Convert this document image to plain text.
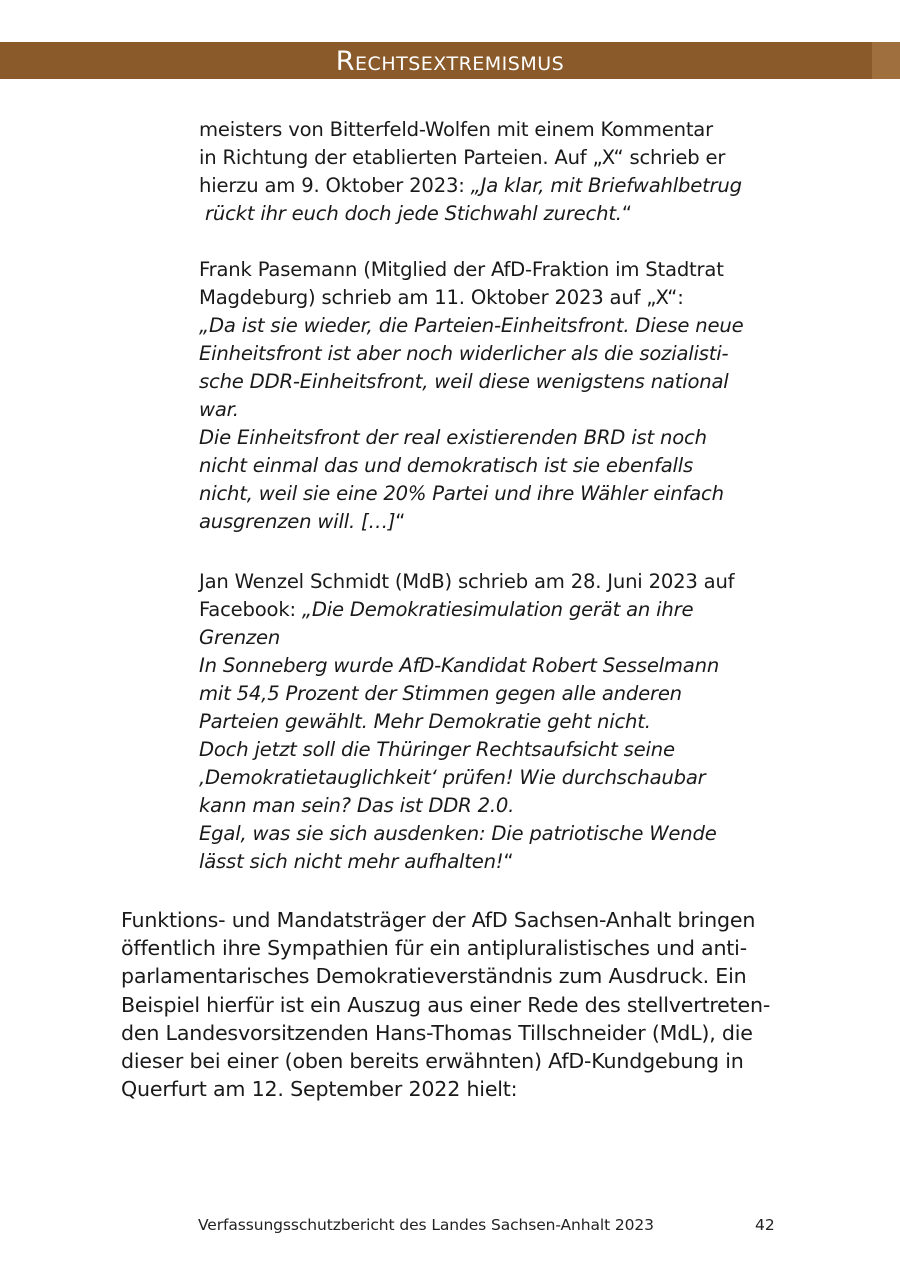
Rechtsextremismus

meisters von Bitterfeld-Wolfen mit einem Kommentar

in Richtung der etablierten Parteien. Auf „X“ schrieb er

hierzu am 9. Oktober 2023: „Ja klar, mit Briefwahlbetrug

rückt ihr euch doch jede Stichwahl zurecht.“

Frank Pasemann (Mitglied der AfD-Fraktion im Stadtrat

Magdeburg) schrieb am 11. Oktober 2023 auf „X“:

„Da ist sie wieder, die Parteien-Einheitsfront. Diese neue

Einheitsfront ist aber noch widerlicher als die sozialisti-

sche DDR-Einheitsfront, weil diese wenigstens national

war.

Die Einheitsfront der real existierenden BRD ist noch

nicht einmal das und demokratisch ist sie ebenfalls

nicht, weil sie eine 20% Partei und ihre Wähler einfach

ausgrenzen will. […]“

Jan Wenzel Schmidt (MdB) schrieb am 28. Juni 2023 auf

Facebook: „Die Demokratiesimulation gerät an ihre

Grenzen

In Sonneberg wurde AfD-Kandidat Robert Sesselmann

mit 54,5 Prozent der Stimmen gegen alle anderen

Parteien gewählt. Mehr Demokratie geht nicht.

Doch jetzt soll die Thüringer Rechtsaufsicht seine

‚Demokratietauglichkeit‘ prüfen! Wie durchschaubar

kann man sein? Das ist DDR 2.0.

Egal, was sie sich ausdenken: Die patriotische Wende

lässt sich nicht mehr aufhalten!“

Funktions- und Mandatsträger der AfD Sachsen-Anhalt bringen
öffentlich ihre Sympathien für ein antipluralistisches und anti-
parlamentarisches Demokratieverständnis zum Ausdruck. Ein
Beispiel hierfür ist ein Auszug aus einer Rede des stellvertreten-
den Landesvorsitzenden Hans-Thomas Tillschneider (MdL), die
dieser bei einer (oben bereits erwähnten) AfD-Kundgebung in
Querfurt am 12. September 2022 hielt:
Verfassungsschutzbericht des Landes Sachsen-Anhalt 2023	42
